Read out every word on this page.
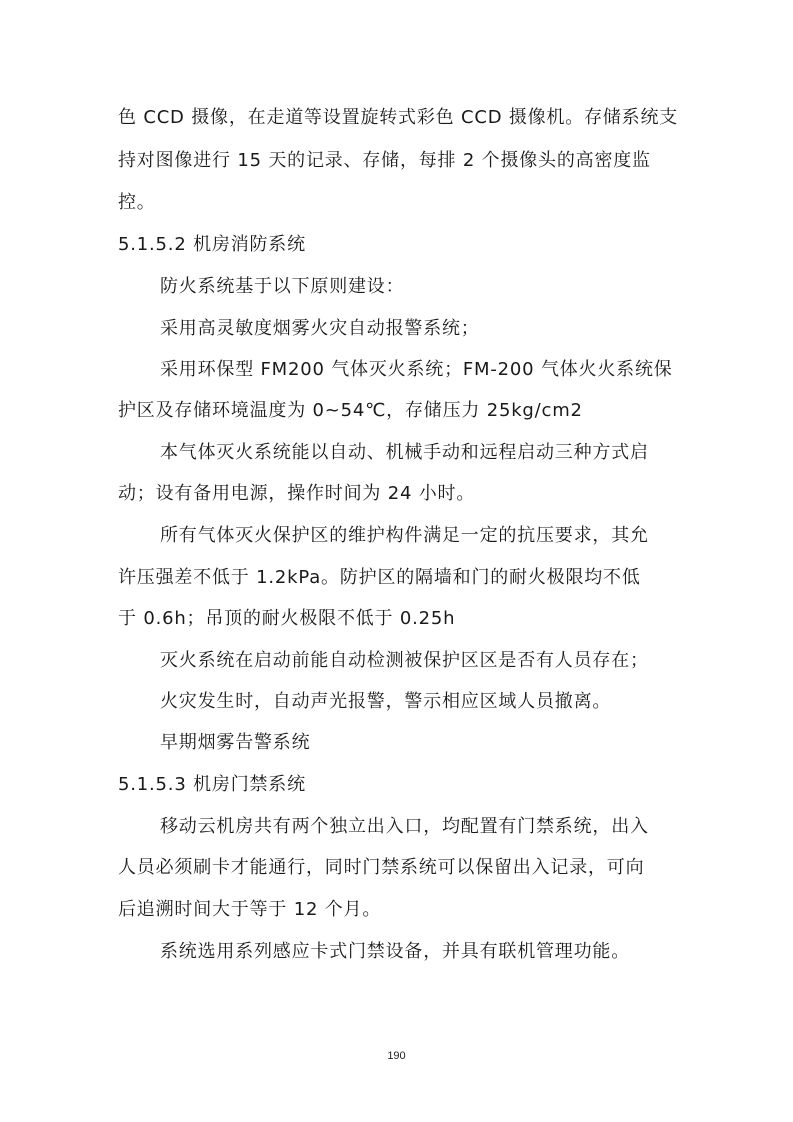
色 CCD 摄像，在走道等设置旋转式彩色 CCD 摄像机。存储系统支
持对图像进行 15 天的记录、存储，每排 2 个摄像头的高密度监
控。
5.1.5.2 机房消防系统
防火系统基于以下原则建设：
采用高灵敏度烟雾火灾自动报警系统；
采用环保型 FM200 气体灭火系统；FM-200 气体火火系统保
护区及存储环境温度为 0~54℃，存储压力 25kg/cm2
本气体灭火系统能以自动、机械手动和远程启动三种方式启
动；设有备用电源，操作时间为 24 小时。
所有气体灭火保护区的维护构件满足一定的抗压要求，其允
许压强差不低于 1.2kPa。防护区的隔墙和门的耐火极限均不低
于 0.6h；吊顶的耐火极限不低于 0.25h
灭火系统在启动前能自动检测被保护区区是否有人员存在；
火灾发生时，自动声光报警，警示相应区域人员撤离。
早期烟雾告警系统
5.1.5.3 机房门禁系统
移动云机房共有两个独立出入口，均配置有门禁系统，出入
人员必须刷卡才能通行，同时门禁系统可以保留出入记录，可向
后追溯时间大于等于 12 个月。
系统选用系列感应卡式门禁设备，并具有联机管理功能。
190
